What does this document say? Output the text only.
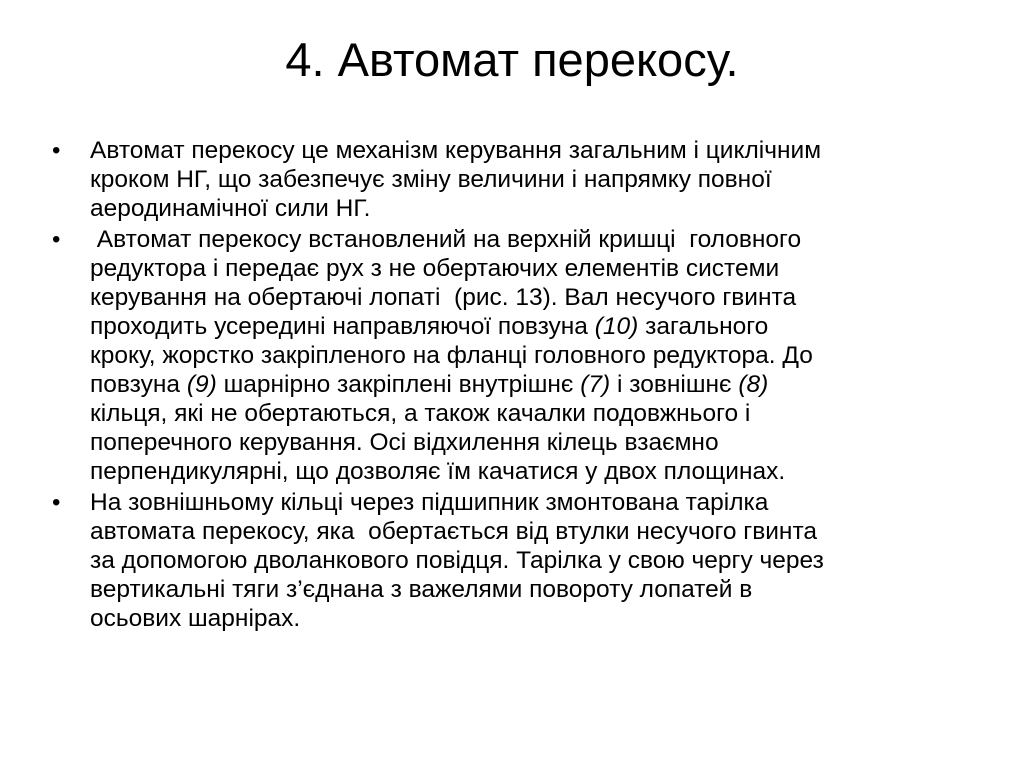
4. Автомат перекосу.
•	Автомат перекосу це механізм керування загальним і циклічним
кроком НГ, що забезпечує зміну величини і напрямку повної
аеродинамічної сили НГ.
•	Автомат перекосу встановлений на верхній кришці  головного
редуктора і передає рух з не обертаючих елементів системи
керування на обертаючі лопаті  (рис. 13). Вал несучого гвинта
проходить усередині направляючої повзуна (10) загального
кроку, жорстко закріпленого на фланці головного редуктора. До
повзуна (9) шарнірно закріплені внутрішнє (7) і зовнішнє (8)
кільця, які не обертаються, а також качалки подовжнього і
поперечного керування. Осі відхилення кілець взаємно
перпендикулярні, що дозволяє їм качатися у двох площинах.
•	На зовнішньому кільці через підшипник змонтована тарілка
автомата перекосу, яка  обертається від втулки несучого гвинта
за допомогою дволанкового повідця. Тарілка у свою чергу через
вертикальні тяги з’єднана з важелями повороту лопатей в
осьових шарнірах.
